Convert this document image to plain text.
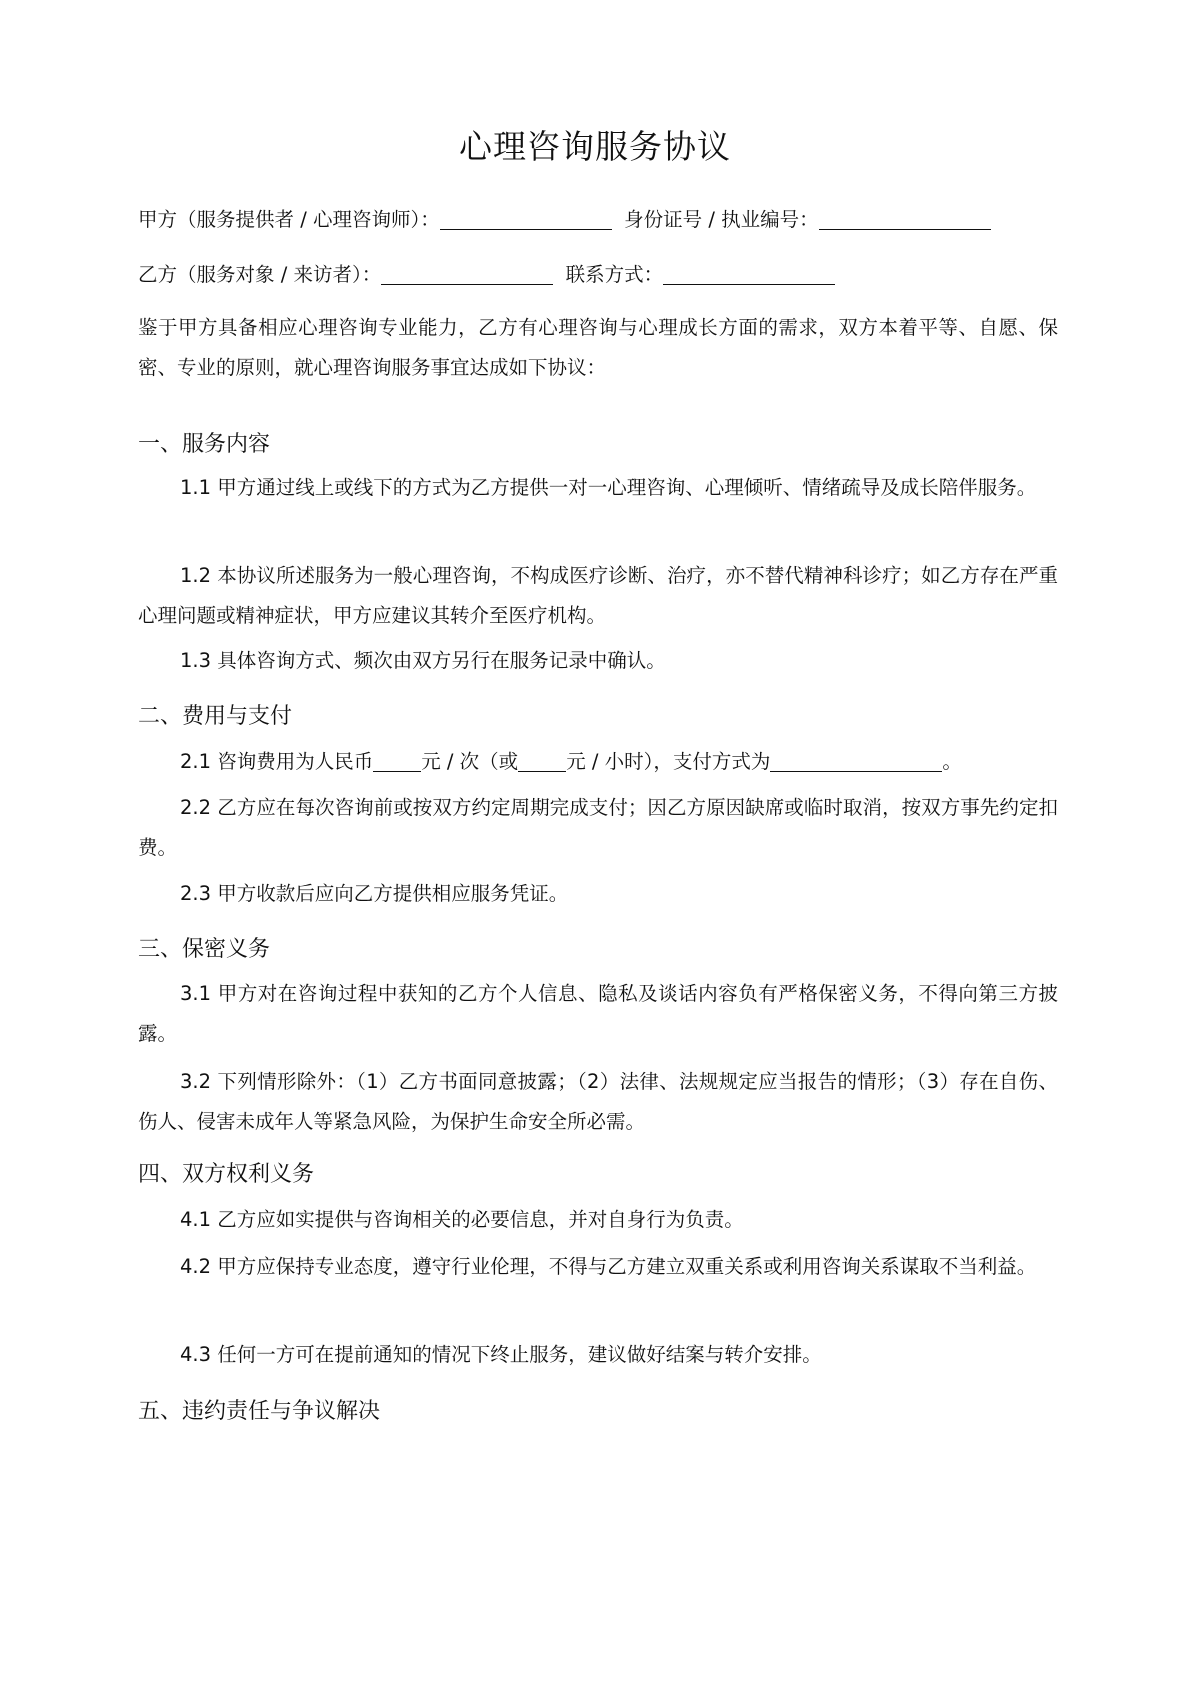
心理咨询服务协议

甲方（服务提供者 / 心理咨询师）：	身份证号 / 执业编号：

乙方（服务对象 / 来访者）：	联系方式：

鉴于甲方具备相应心理咨询专业能力，乙方有心理咨询与心理成长方面的需求，双方本着平等、自愿、保密、专业的原则，就心理咨询服务事宜达成如下协议：

一、服务内容

1.1 甲方通过线上或线下的方式为乙方提供一对一心理咨询、心理倾听、情绪疏导及成长陪伴服务。

1.2 本协议所述服务为一般心理咨询，不构成医疗诊断、治疗，亦不替代精神科诊疗；如乙方存在严重心理问题或精神症状，甲方应建议其转介至医疗机构。

1.3 具体咨询方式、频次由双方另行在服务记录中确认。

二、费用与支付

2.1 咨询费用为人民币 元 / 次（或 元 / 小时），支付方式为	。

2.2 乙方应在每次咨询前或按双方约定周期完成支付；因乙方原因缺席或临时取消，按双方事先约定扣费。

2.3 甲方收款后应向乙方提供相应服务凭证。

三、保密义务

3.1 甲方对在咨询过程中获知的乙方个人信息、隐私及谈话内容负有严格保密义务，不得向第三方披露。

3.2 下列情形除外：（1）乙方书面同意披露；（2）法律、法规规定应当报告的情形；（3）存在自伤、伤人、侵害未成年人等紧急风险，为保护生命安全所必需。

四、双方权利义务

4.1 乙方应如实提供与咨询相关的必要信息，并对自身行为负责。

4.2 甲方应保持专业态度，遵守行业伦理，不得与乙方建立双重关系或利用咨询关系谋取不当利益。

4.3 任何一方可在提前通知的情况下终止服务，建议做好结案与转介安排。

五、违约责任与争议解决
